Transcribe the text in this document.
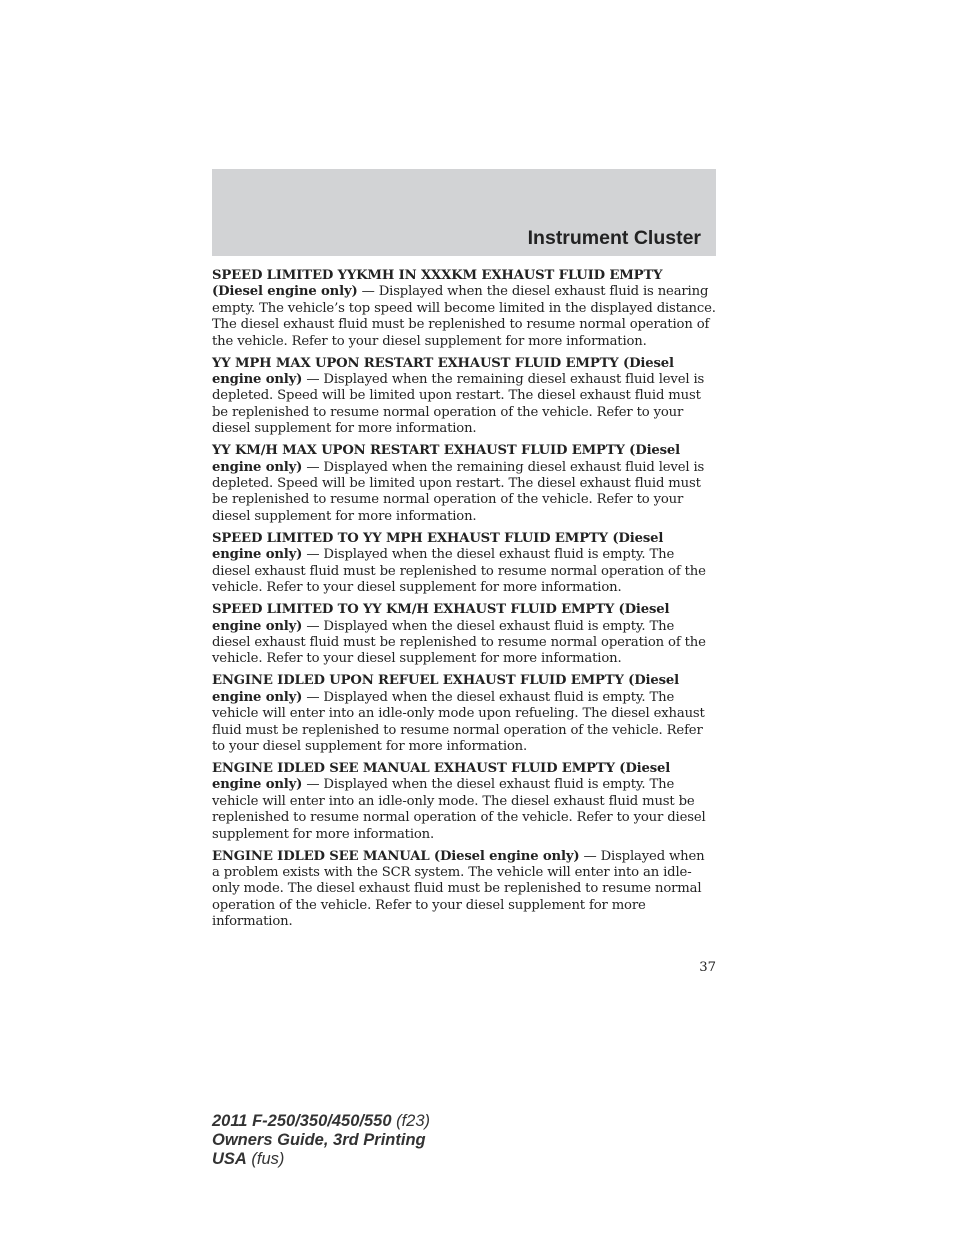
Instrument Cluster

SPEED LIMITED YYKMH IN XXXKM EXHAUST FLUID EMPTY (Diesel engine only) — Displayed when the diesel exhaust fluid is nearing empty. The vehicle’s top speed will become limited in the displayed distance. The diesel exhaust fluid must be replenished to resume normal operation of the vehicle. Refer to your diesel supplement for more information.

YY MPH MAX UPON RESTART EXHAUST FLUID EMPTY (Diesel engine only) — Displayed when the remaining diesel exhaust fluid level is depleted. Speed will be limited upon restart. The diesel exhaust fluid must be replenished to resume normal operation of the vehicle. Refer to your diesel supplement for more information.

YY KM/H MAX UPON RESTART EXHAUST FLUID EMPTY (Diesel engine only) — Displayed when the remaining diesel exhaust fluid level is depleted. Speed will be limited upon restart. The diesel exhaust fluid must be replenished to resume normal operation of the vehicle. Refer to your diesel supplement for more information.

SPEED LIMITED TO YY MPH EXHAUST FLUID EMPTY (Diesel engine only) — Displayed when the diesel exhaust fluid is empty. The diesel exhaust fluid must be replenished to resume normal operation of the vehicle. Refer to your diesel supplement for more information.

SPEED LIMITED TO YY KM/H EXHAUST FLUID EMPTY (Diesel engine only) — Displayed when the diesel exhaust fluid is empty. The diesel exhaust fluid must be replenished to resume normal operation of the vehicle. Refer to your diesel supplement for more information.

ENGINE IDLED UPON REFUEL EXHAUST FLUID EMPTY (Diesel engine only) — Displayed when the diesel exhaust fluid is empty. The vehicle will enter into an idle-only mode upon refueling. The diesel exhaust fluid must be replenished to resume normal operation of the vehicle. Refer to your diesel supplement for more information.

ENGINE IDLED SEE MANUAL EXHAUST FLUID EMPTY (Diesel engine only) — Displayed when the diesel exhaust fluid is empty. The vehicle will enter into an idle-only mode. The diesel exhaust fluid must be replenished to resume normal operation of the vehicle. Refer to your diesel supplement for more information.

ENGINE IDLED SEE MANUAL (Diesel engine only) — Displayed when a problem exists with the SCR system. The vehicle will enter into an idle-only mode. The diesel exhaust fluid must be replenished to resume normal operation of the vehicle. Refer to your diesel supplement for more information.

37
2011 F-250/350/450/550 (f23)
Owners Guide, 3rd Printing
USA (fus)
